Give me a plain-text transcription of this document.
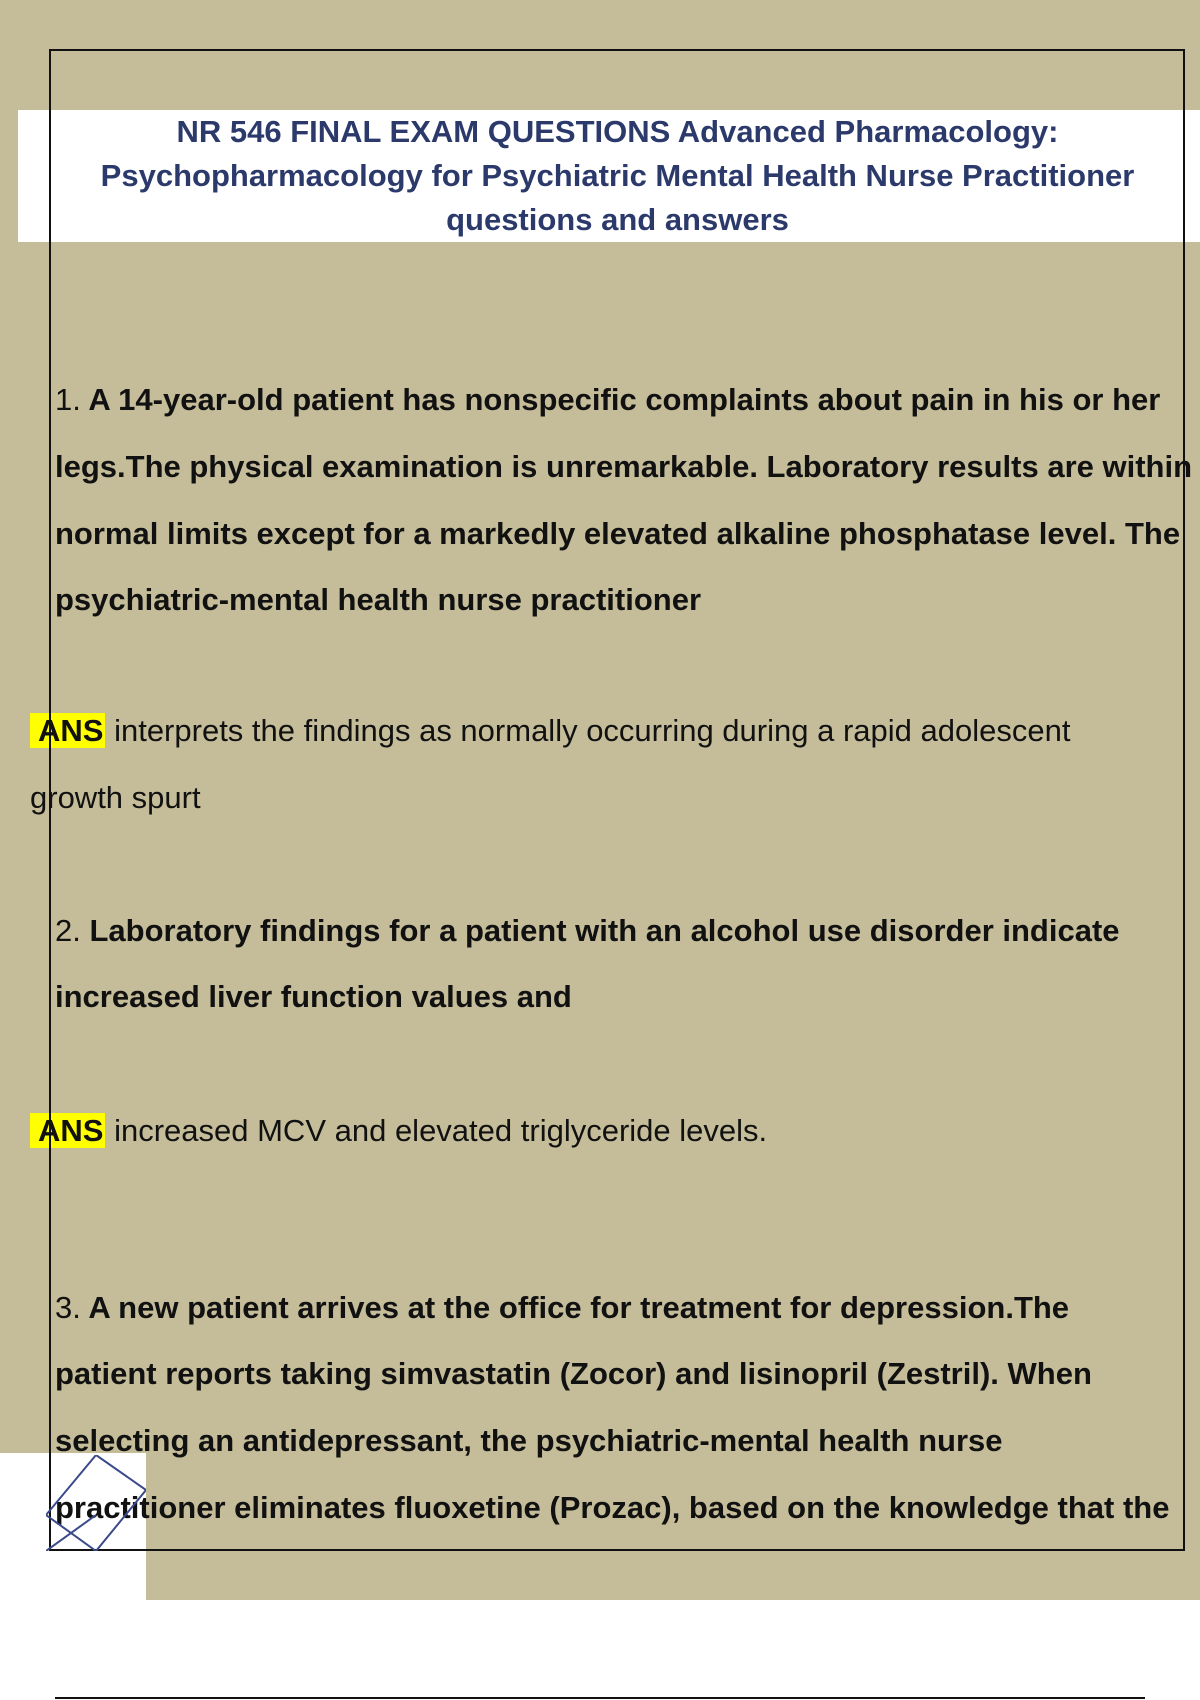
NR 546 FINAL EXAM QUESTIONS Advanced Pharmacology:
Psychopharmacology for Psychiatric Mental Health Nurse Practitioner
questions and answers
1. A 14-year-old patient has nonspecific complaints about pain in his or her
legs.The physical examination is unremarkable. Laboratory results are within
normal limits except for a markedly elevated alkaline phosphatase level. The
psychiatric-mental health nurse practitioner
ANS interprets the findings as normally occurring during a rapid adolescent
growth spurt
2. Laboratory findings for a patient with an alcohol use disorder indicate
increased liver function values and
ANS increased MCV and elevated triglyceride levels.
3. A new patient arrives at the office for treatment for depression.The
patient reports taking simvastatin (Zocor) and lisinopril (Zestril). When
selecting an antidepressant, the psychiatric-mental health nurse
practitioner eliminates fluoxetine (Prozac), based on the knowledge that the
